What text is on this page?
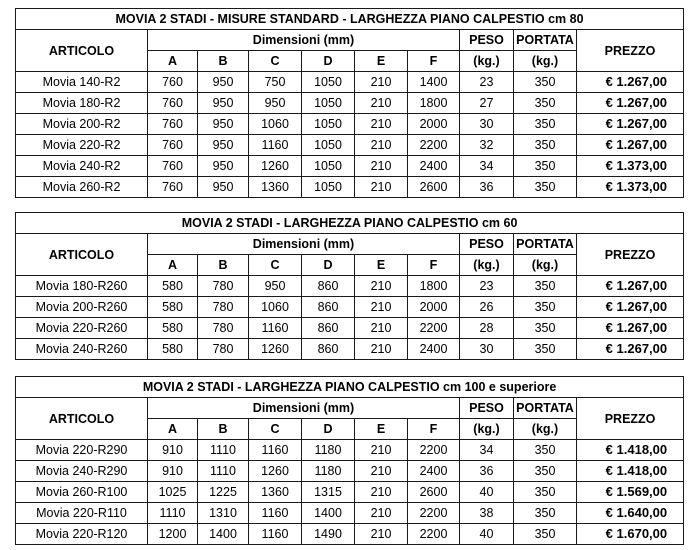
MOVIA 2 STADI - MISURE STANDARD - LARGHEZZA PIANO CALPESTIO cm 80									
ARTICOLO	Dimensioni (mm)						PESO	PORTATA	PREZZO
	A	B	C	D	E	F	(kg.)	(kg.)	
Movia 140-R2	760	950	750	1050	210	1400	23	350	€ 1.267,00
Movia 180-R2	760	950	950	1050	210	1800	27	350	€ 1.267,00
Movia 200-R2	760	950	1060	1050	210	2000	30	350	€ 1.267,00
Movia 220-R2	760	950	1160	1050	210	2200	32	350	€ 1.267,00
Movia 240-R2	760	950	1260	1050	210	2400	34	350	€ 1.373,00
Movia 260-R2	760	950	1360	1050	210	2600	36	350	€ 1.373,00
MOVIA 2 STADI - LARGHEZZA PIANO CALPESTIO cm 60									
ARTICOLO	Dimensioni (mm)						PESO	PORTATA	PREZZO
	A	B	C	D	E	F	(kg.)	(kg.)	
Movia 180-R260	580	780	950	860	210	1800	23	350	€ 1.267,00
Movia 200-R260	580	780	1060	860	210	2000	26	350	€ 1.267,00
Movia 220-R260	580	780	1160	860	210	2200	28	350	€ 1.267,00
Movia 240-R260	580	780	1260	860	210	2400	30	350	€ 1.267,00
MOVIA 2 STADI - LARGHEZZA PIANO CALPESTIO cm 100 e superiore									
ARTICOLO	Dimensioni (mm)						PESO	PORTATA	PREZZO
	A	B	C	D	E	F	(kg.)	(kg.)	
Movia 220-R290	910	1110	1160	1180	210	2200	34	350	€ 1.418,00
Movia 240-R290	910	1110	1260	1180	210	2400	36	350	€ 1.418,00
Movia 260-R100	1025	1225	1360	1315	210	2600	40	350	€ 1.569,00
Movia 220-R110	1110	1310	1160	1400	210	2200	38	350	€ 1.640,00
Movia 220-R120	1200	1400	1160	1490	210	2200	40	350	€ 1.670,00
